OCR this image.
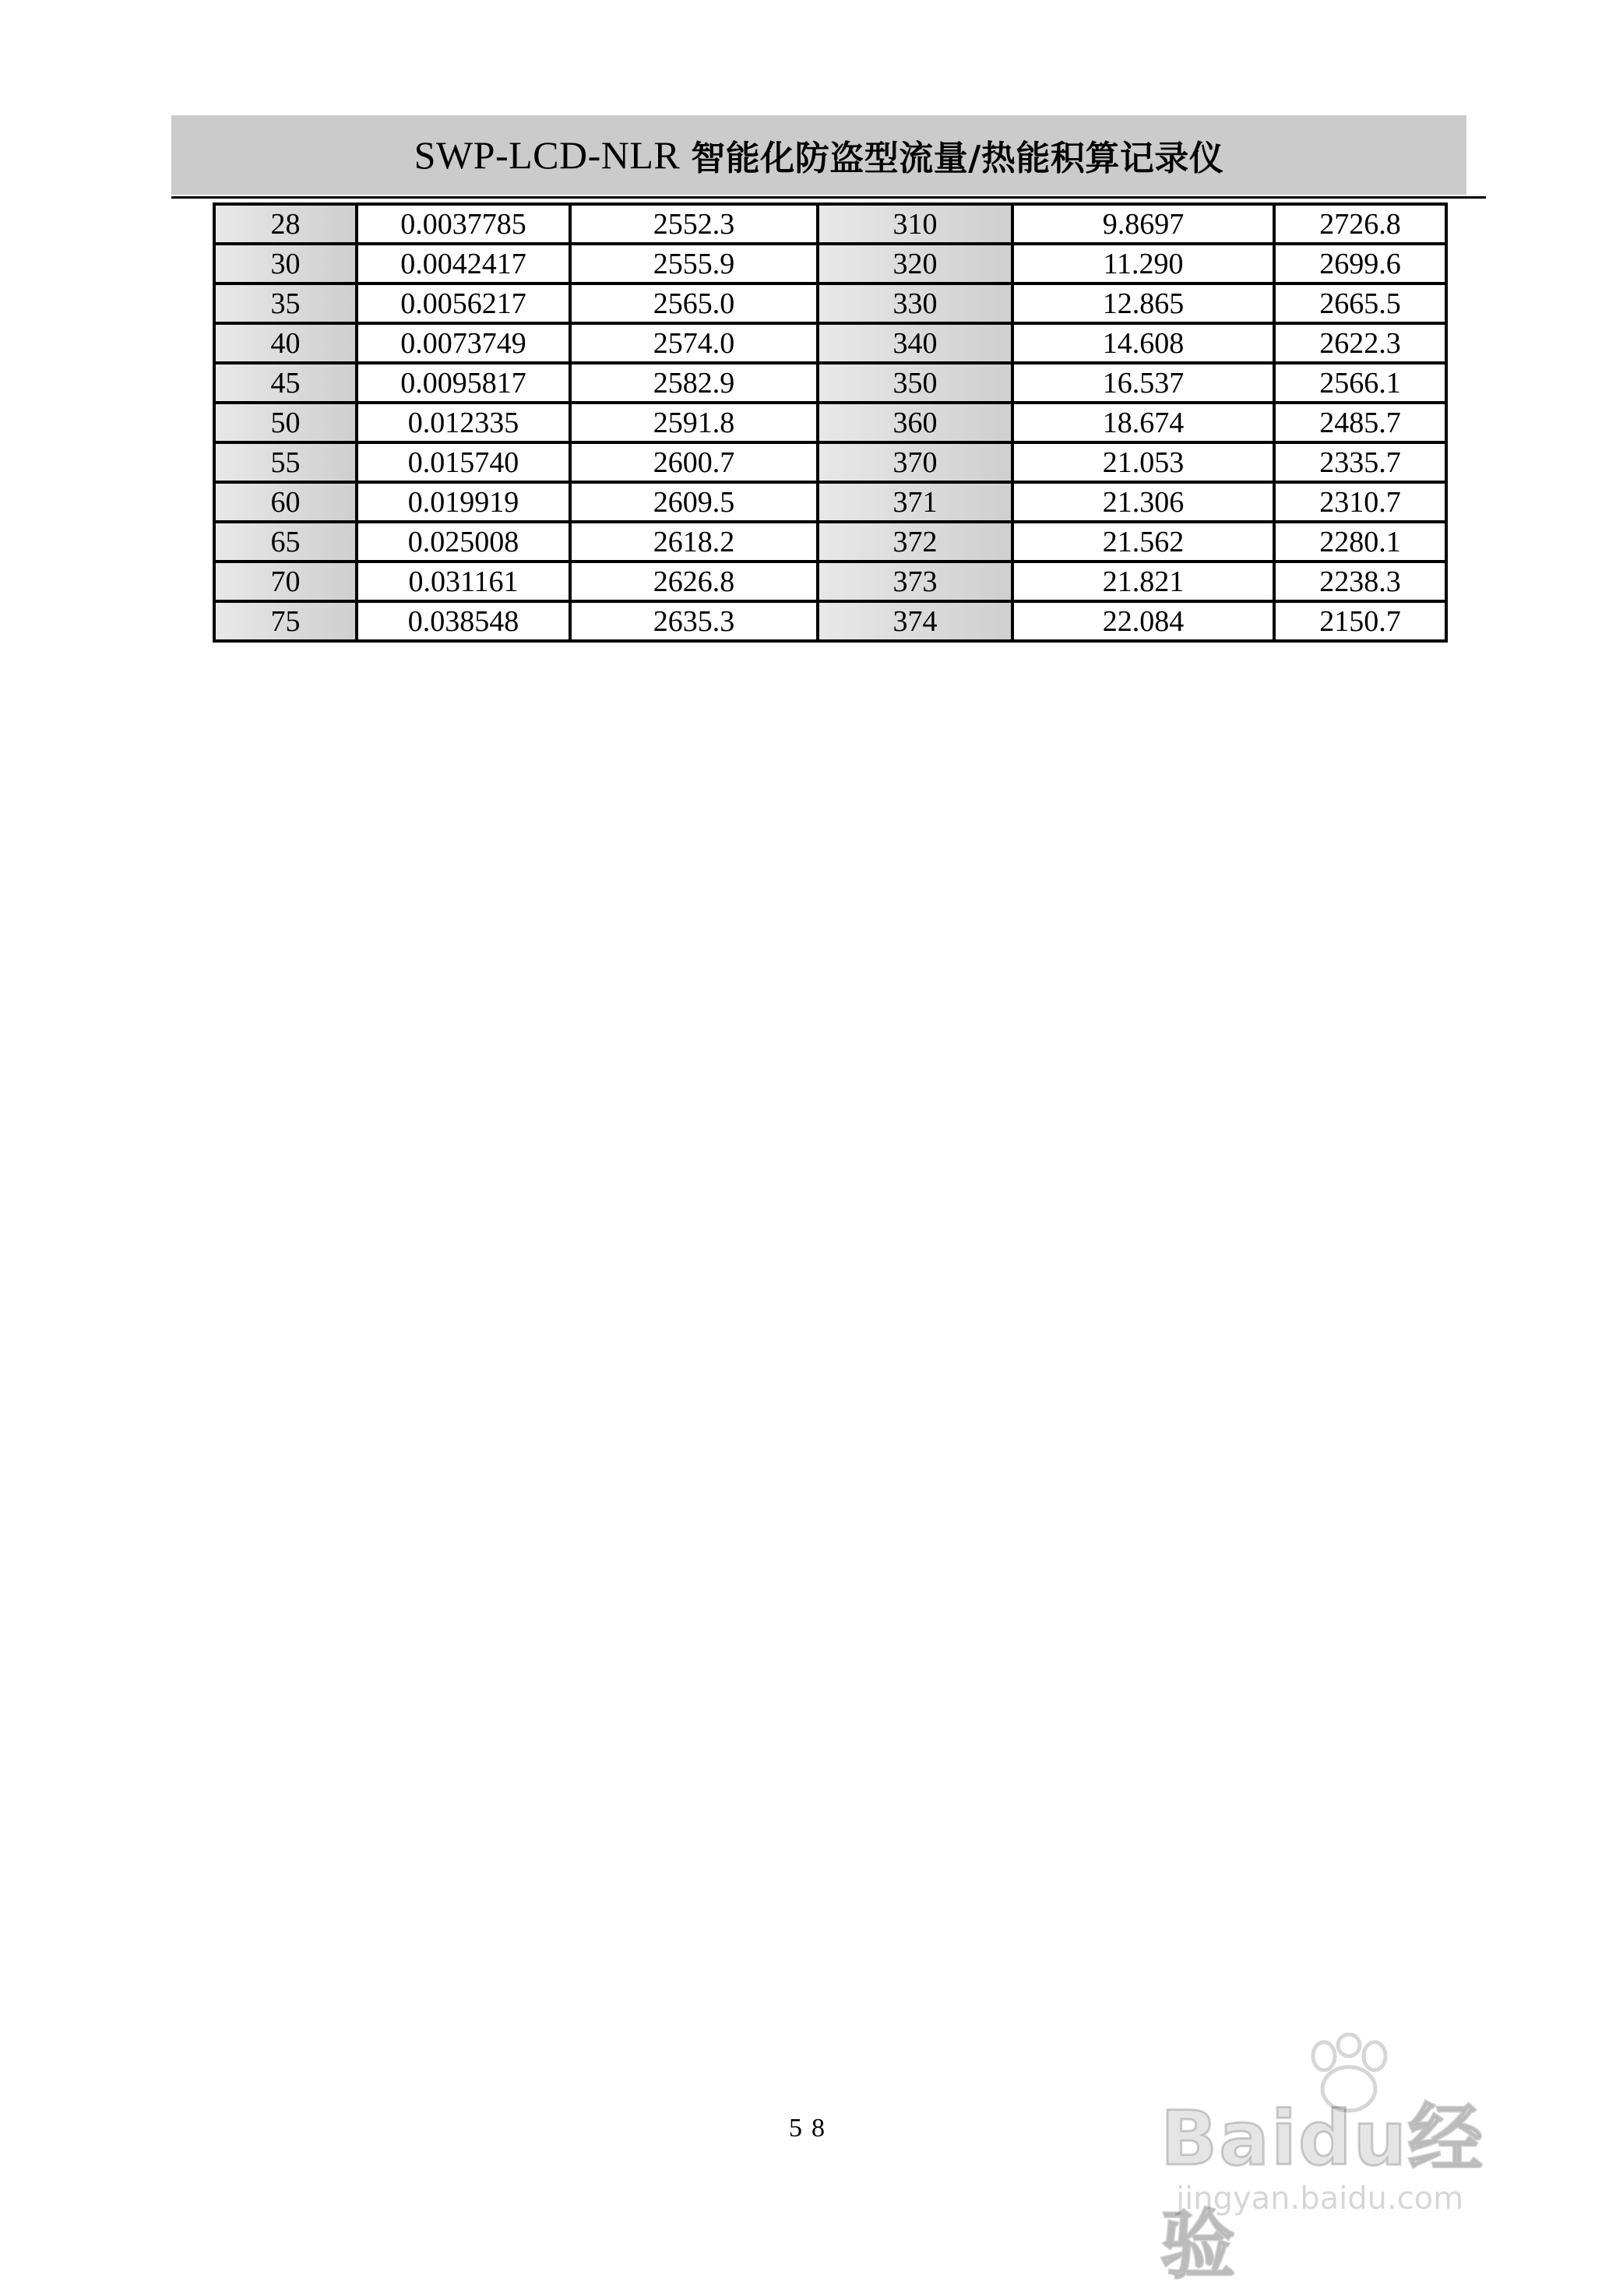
SWP-LCD-NLR 智能化防盗型流量/热能积算记录仪
28	0.0037785	2552.3	310	9.8697	2726.8
30	0.0042417	2555.9	320	11.290	2699.6
35	0.0056217	2565.0	330	12.865	2665.5
40	0.0073749	2574.0	340	14.608	2622.3
45	0.0095817	2582.9	350	16.537	2566.1
50	0.012335	2591.8	360	18.674	2485.7
55	0.015740	2600.7	370	21.053	2335.7
60	0.019919	2609.5	371	21.306	2310.7
65	0.025008	2618.2	372	21.562	2280.1
70	0.031161	2626.8	373	21.821	2238.3
75	0.038548	2635.3	374	22.084	2150.7
58	Baidu经验
jingyan.baidu.com
